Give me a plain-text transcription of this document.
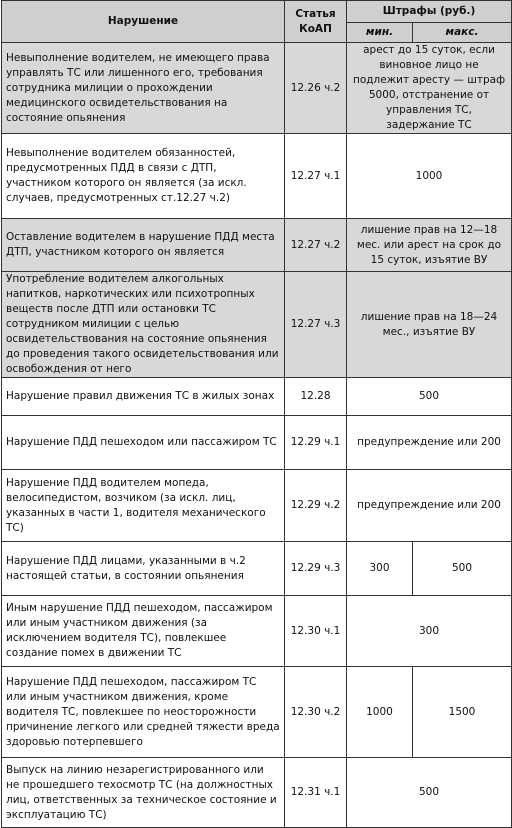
Нарушение	Статья КоАП	Штрафы (руб.)	
		мин.	макс.
Невыполнение водителем, не имеющего права управлять ТС или лишенного его, требования сотрудника милиции о прохождении медицинского освидетельствования на состояние опьянения	12.26 ч.2	арест до 15 суток, если виновное лицо не подлежит аресту — штраф 5000, отстранение от управления ТС, задержание ТС	
Невыполнение водителем обязанностей, предусмотренных ПДД в связи с ДТП, участником которого он является (за искл. случаев, предусмотренных ст.12.27 ч.2)	12.27 ч.1	1000	
Оставление водителем в нарушение ПДД места ДТП, участником которого он является	12.27 ч.2	лишение прав на 12—18 мес. или арест на срок до 15 суток, изъятие ВУ	
Употребление водителем алкогольных напитков, наркотических или психотропных веществ после ДТП или остановки ТС сотрудником милиции с целью освидетельствования на состояние опьянения до проведения такого освидетельствования или освобождения от него	12.27 ч.3	лишение прав на 18—24 мес., изъятие ВУ	
Нарушение правил движения ТС в жилых зонах	12.28	500	
Нарушение ПДД пешеходом или пассажиром ТС	12.29 ч.1	предупреждение или 200	
Нарушение ПДД водителем мопеда, велосипедистом, возчиком (за искл. лиц, указанных в части 1, водителя механического ТС)	12.29 ч.2	предупреждение или 200	
Нарушение ПДД лицами, указанными в ч.2 настоящей статьи, в состоянии опьянения	12.29 ч.3	300	500
Иным нарушение ПДД пешеходом, пассажиром или иным участником движения (за исключением водителя ТС), повлекшее создание помех в движении ТС	12.30 ч.1	300	
Нарушение ПДД пешеходом, пассажиром ТС или иным участником движения, кроме водителя ТС, повлекшее по неосторожности причинение легкого или средней тяжести вреда здоровью потерпевшего	12.30 ч.2	1000	1500
Выпуск на линию незарегистрированного или не прошедшего техосмотр ТС (на должностных лиц, ответственных за техническое состояние и эксплуатацию ТС)	12.31 ч.1	500	
